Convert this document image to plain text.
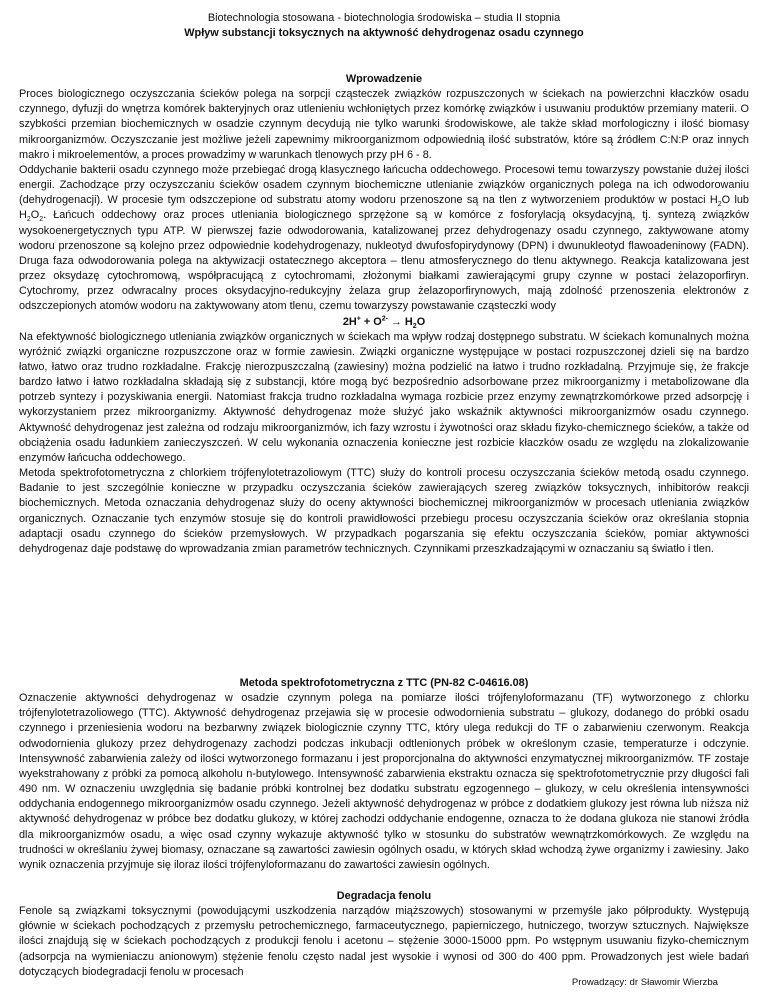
Biotechnologia stosowana - biotechnologia środowiska – studia II stopnia
Wpływ substancji toksycznych na aktywność dehydrogenaz osadu czynnego
Wprowadzenie

Proces biologicznego oczyszczania ścieków polega na sorpcji cząsteczek związków rozpuszczonych w ściekach na powierzchni kłaczków osadu czynnego, dyfuzji do wnętrza komórek bakteryjnych oraz utlenieniu wchłoniętych przez komórkę związków i usuwaniu produktów przemiany materii. O szybkości przemian biochemicznych w osadzie czynnym decydują nie tylko warunki środowiskowe, ale także skład morfologiczny i ilość biomasy mikroorganizmów. Oczyszczanie jest możliwe jeżeli zapewnimy mikroorganizmom odpowiednią ilość substratów, które są źródłem C:N:P oraz innych makro i mikroelementów, a proces prowadzimy w warunkach tlenowych przy pH 6 - 8.

Oddychanie bakterii osadu czynnego może przebiegać drogą klasycznego łańcucha oddechowego. Procesowi temu towarzyszy powstanie dużej ilości energii. Zachodzące przy oczyszczaniu ścieków osadem czynnym biochemiczne utlenianie związków organicznych polega na ich odwodorowaniu (dehydrogenacji). W procesie tym odszczepione od substratu atomy wodoru przenoszone są na tlen z wytworzeniem produktów w postaci $H_2O$ lub $H_2O_2$. Łańcuch oddechowy oraz proces utleniania biologicznego sprzężone są w komórce z fosforylacją oksydacyjną, tj. syntezą związków wysokoenergetycznych typu ATP. W pierwszej fazie odwodorowania, katalizowanej przez dehydrogenazy osadu czynnego, zaktywowane atomy wodoru przenoszone są kolejno przez odpowiednie kodehydrogenazy, nukleotyd dwufosfopirydynowy (DPN) i dwunukleotyd flawoadeninowy (FADN). Druga faza odwodorowania polega na aktywizacji ostatecznego akceptora – tlenu atmosferycznego do tlenu aktywnego. Reakcja katalizowana jest przez oksydazę cytochromową, współpracującą z cytochromami, złożonymi białkami zawierającymi grupy czynne w postaci żelazoporfiryn. Cytochromy, przez odwracalny proces oksydacyjno-redukcyjny żelaza grup żelazoporfirynowych, mają zdolność przenoszenia elektronów z odszczepionych atomów wodoru na zaktywowany atom tlenu, czemu towarzyszy powstawanie cząsteczki wody

$2H^+ + O^{2-} \to H_2O$

Na efektywność biologicznego utleniania związków organicznych w ściekach ma wpływ rodzaj dostępnego substratu. W ściekach komunalnych można wyróżnić związki organiczne rozpuszczone oraz w formie zawiesin. Związki organiczne występujące w postaci rozpuszczonej dzieli się na bardzo łatwo, łatwo oraz trudno rozkładalne. Frakcję nierozpuszczalną (zawiesiny) można podzielić na łatwo i trudno rozkładalną. Przyjmuje się, że frakcje bardzo łatwo i łatwo rozkładalna składają się z substancji, które mogą być bezpośrednio adsorbowane przez mikroorganizmy i metabolizowane dla potrzeb syntezy i pozyskiwania energii. Natomiast frakcja trudno rozkładalna wymaga rozbicie przez enzymy zewnątrzkomórkowe przed adsorpcję i wykorzystaniem przez mikroorganizmy. Aktywność dehydrogenaz może służyć jako wskaźnik aktywności mikroorganizmów osadu czynnego. Aktywność dehydrogenaz jest zależna od rodzaju mikroorganizmów, ich fazy wzrostu i żywotności oraz składu fizyko-chemicznego ścieków, a także od obciążenia osadu ładunkiem zanieczyszczeń. W celu wykonania oznaczenia konieczne jest rozbicie kłaczków osadu ze względu na zlokalizowanie enzymów łańcucha oddechowego.

Metoda spektrofotometryczna z chlorkiem trójfenylotetrazoliowym (TTC) służy do kontroli procesu oczyszczania ścieków metodą osadu czynnego. Badanie to jest szczególnie konieczne w przypadku oczyszczania ścieków zawierających szereg związków toksycznych, inhibitorów reakcji biochemicznych. Metoda oznaczania dehydrogenaz służy do oceny aktywności biochemicznej mikroorganizmów w procesach utleniania związków organicznych. Oznaczanie tych enzymów stosuje się do kontroli prawidłowości przebiegu procesu oczyszczania ścieków oraz określania stopnia adaptacji osadu czynnego do ścieków przemysłowych. W przypadkach pogarszania się efektu oczyszczania ścieków, pomiar aktywności dehydrogenaz daje podstawę do wprowadzania zmian parametrów technicznych. Czynnikami przeszkadzającymi w oznaczaniu są światło i tlen.

Metoda spektrofotometryczna z TTC (PN-82 C-04616.08)

Oznaczenie aktywności dehydrogenaz w osadzie czynnym polega na pomiarze ilości trójfenyloformazanu (TF) wytworzonego z chlorku trójfenylotetrazoliowego (TTC). Aktywność dehydrogenaz przejawia się w procesie odwodornienia substratu – glukozy, dodanego do próbki osadu czynnego i przeniesienia wodoru na bezbarwny związek biologicznie czynny TTC, który ulega redukcji do TF o zabarwieniu czerwonym. Reakcja odwodornienia glukozy przez dehydrogenazy zachodzi podczas inkubacji odtlenionych próbek w określonym czasie, temperaturze i odczynie. Intensywność zabarwienia zależy od ilości wytworzonego formazanu i jest proporcjonalna do aktywności enzymatycznej mikroorganizmów. TF zostaje wyekstrahowany z próbki za pomocą alkoholu n-butylowego. Intensywność zabarwienia ekstraktu oznacza się spektrofotometrycznie przy długości fali 490 nm. W oznaczeniu uwzględnia się badanie próbki kontrolnej bez dodatku substratu egzogennego – glukozy, w celu określenia intensywności oddychania endogennego mikroorganizmów osadu czynnego. Jeżeli aktywność dehydrogenaz w próbce z dodatkiem glukozy jest równa lub niższa niż aktywność dehydrogenaz w próbce bez dodatku glukozy, w której zachodzi oddychanie endogenne, oznacza to że dodana glukoza nie stanowi źródła dla mikroorganizmów osadu, a więc osad czynny wykazuje aktywność tylko w stosunku do substratów wewnątrzkomórkowych. Ze względu na trudności w określaniu żywej biomasy, oznaczane są zawartości zawiesin ogólnych osadu, w których skład wchodzą żywe organizmy i zawiesiny. Jako wynik oznaczenia przyjmuje się iloraz ilości trójfenyloformazanu do zawartości zawiesin ogólnych.

Degradacja fenolu

Fenole są związkami toksycznymi (powodującymi uszkodzenia narządów miąższowych) stosowanymi w przemyśle jako półprodukty. Występują głównie w ściekach pochodzących z przemysłu petrochemicznego, farmaceutycznego, papierniczego, hutniczego, tworzyw sztucznych. Największe ilości znajdują się w ściekach pochodzących z produkcji fenolu i acetonu – stężenie 3000-15000 ppm. Po wstępnym usuwaniu fizyko-chemicznym (adsorpcja na wymieniaczu anionowym) stężenie fenolu często nadal jest wysokie i wynosi od 300 do 400 ppm. Prowadzonych jest wiele badań dotyczących biodegradacji fenolu w procesach

Prowadzący: dr Sławomir Wierzba
